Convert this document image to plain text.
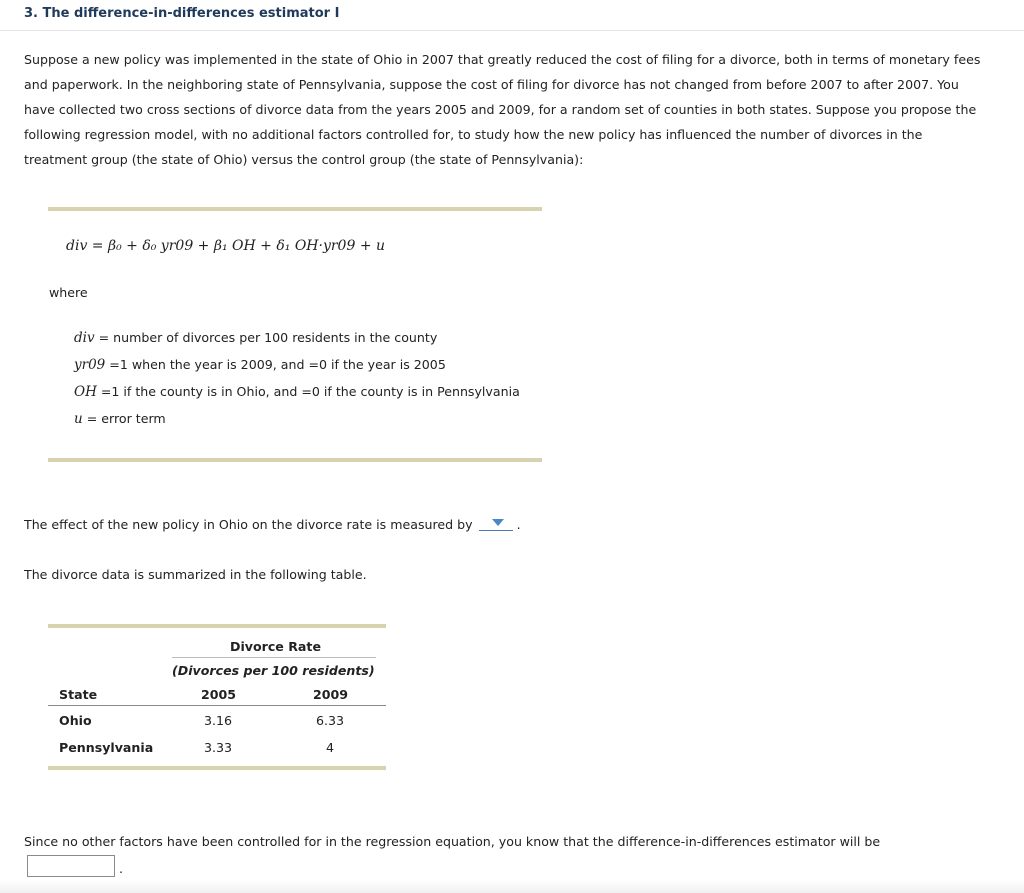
3. The difference-in-differences estimator I
Suppose a new policy was implemented in the state of Ohio in 2007 that greatly reduced the cost of filing for a divorce, both in terms of monetary fees and paperwork. In the neighboring state of Pennsylvania, suppose the cost of filing for divorce has not changed from before 2007 to after 2007. You have collected two cross sections of divorce data from the years 2005 and 2009, for a random set of counties in both states. Suppose you propose the following regression model, with no additional factors controlled for, to study how the new policy has influenced the number of divorces in the treatment group (the state of Ohio) versus the control group (the state of Pennsylvania):
div = β₀ + δ₀ yr09 + β₁ OH + δ₁ OH·yr09 + u
where
div = number of divorces per 100 residents in the county
yr09 =1 when the year is 2009, and =0 if the year is 2005
OH =1 if the county is in Ohio, and =0 if the county is in Pennsylvania
u = error term
The effect of the new policy in Ohio on the divorce rate is measured by	.
The divorce data is summarized in the following table.
Divorce Rate
(Divorces per 100 residents)
State	2005	2009
Ohio	3.16	6.33
Pennsylvania	3.33	4
Since no other factors have been controlled for in the regression equation, you know that the difference-in-differences estimator will be
.
